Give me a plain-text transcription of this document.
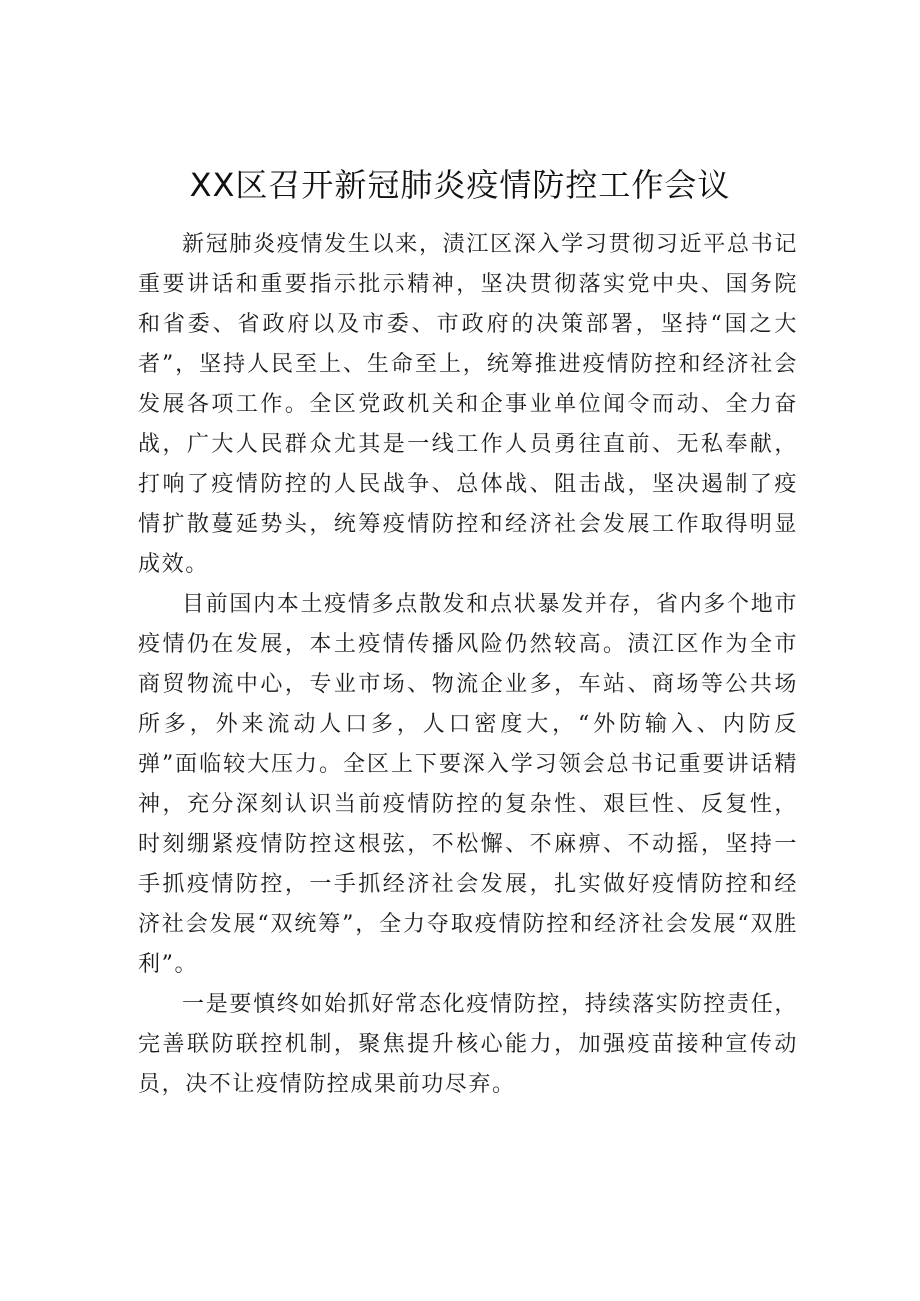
XX区召开新冠肺炎疫情防控工作会议

新冠肺炎疫情发生以来，渍江区深入学习贯彻习近平总书记重要讲话和重要指示批示精神，坚决贯彻落实党中央、国务院和省委、省政府以及市委、市政府的决策部署，坚持“国之大者”，坚持人民至上、生命至上，统筹推进疫情防控和经济社会发展各项工作。全区党政机关和企事业单位闻令而动、全力奋战，广大人民群众尤其是一线工作人员勇往直前、无私奉献，打响了疫情防控的人民战争、总体战、阻击战，坚决遏制了疫情扩散蔓延势头，统筹疫情防控和经济社会发展工作取得明显成效。

目前国内本土疫情多点散发和点状暴发并存，省内多个地市疫情仍在发展，本土疫情传播风险仍然较高。渍江区作为全市商贸物流中心，专业市场、物流企业多，车站、商场等公共场所多，外来流动人口多，人口密度大，“外防输入、内防反弹”面临较大压力。全区上下要深入学习领会总书记重要讲话精神，充分深刻认识当前疫情防控的复杂性、艰巨性、反复性，时刻绷紧疫情防控这根弦，不松懈、不麻痹、不动摇，坚持一手抓疫情防控，一手抓经济社会发展，扎实做好疫情防控和经济社会发展“双统筹”，全力夺取疫情防控和经济社会发展“双胜利”。

一是要慎终如始抓好常态化疫情防控，持续落实防控责任，完善联防联控机制，聚焦提升核心能力，加强疫苗接种宣传动员，决不让疫情防控成果前功尽弃。
